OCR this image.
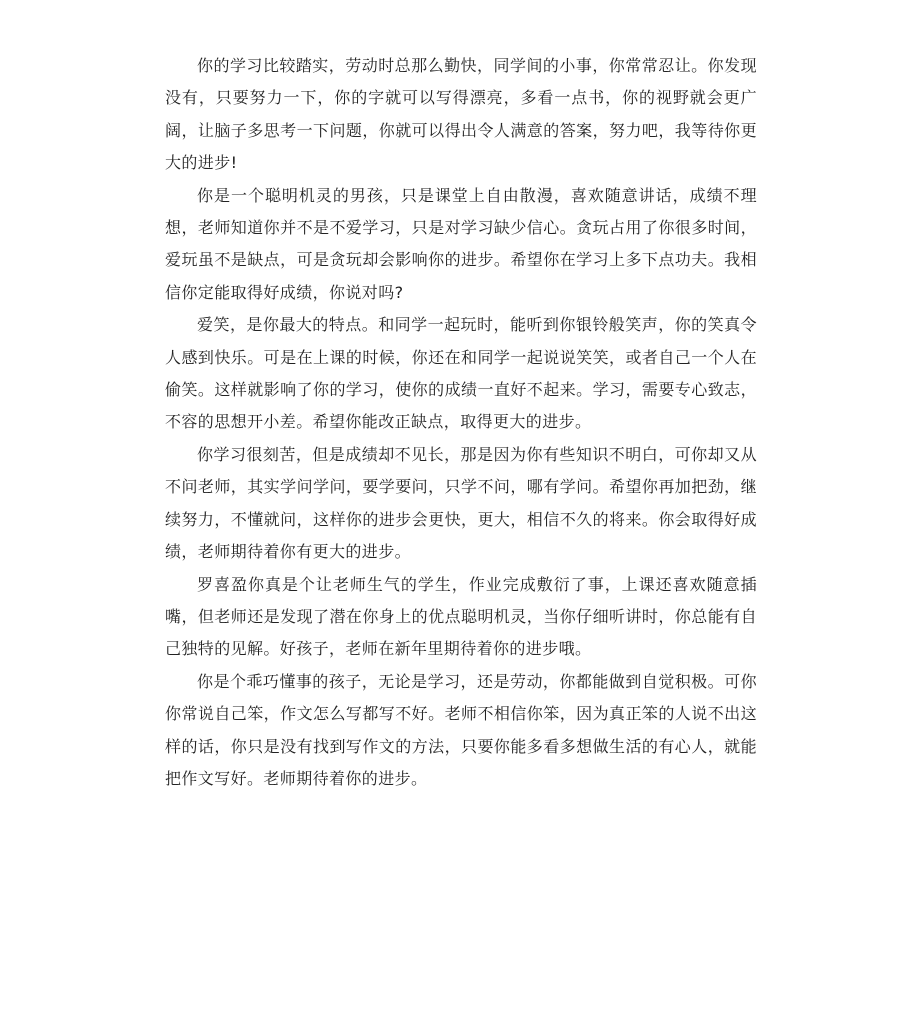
你的学习比较踏实，劳动时总那么勤快，同学间的小事，你常常忍让。你发现没有，只要努力一下，你的字就可以写得漂亮，多看一点书，你的视野就会更广阔，让脑子多思考一下问题，你就可以得出令人满意的答案，努力吧，我等待你更大的进步!

你是一个聪明机灵的男孩，只是课堂上自由散漫，喜欢随意讲话，成绩不理想，老师知道你并不是不爱学习，只是对学习缺少信心。贪玩占用了你很多时间，爱玩虽不是缺点，可是贪玩却会影响你的进步。希望你在学习上多下点功夫。我相信你定能取得好成绩，你说对吗?

爱笑，是你最大的特点。和同学一起玩时，能听到你银铃般笑声，你的笑真令人感到快乐。可是在上课的时候，你还在和同学一起说说笑笑，或者自己一个人在偷笑。这样就影响了你的学习，使你的成绩一直好不起来。学习，需要专心致志，不容的思想开小差。希望你能改正缺点，取得更大的进步。

你学习很刻苦，但是成绩却不见长，那是因为你有些知识不明白，可你却又从不问老师，其实学问学问，要学要问，只学不问，哪有学问。希望你再加把劲，继续努力，不懂就问，这样你的进步会更快，更大，相信不久的将来。你会取得好成绩，老师期待着你有更大的进步。

罗喜盈你真是个让老师生气的学生，作业完成敷衍了事，上课还喜欢随意插嘴，但老师还是发现了潜在你身上的优点聪明机灵，当你仔细听讲时，你总能有自己独特的见解。好孩子，老师在新年里期待着你的进步哦。

你是个乖巧懂事的孩子，无论是学习，还是劳动，你都能做到自觉积极。可你你常说自己笨，作文怎么写都写不好。老师不相信你笨，因为真正笨的人说不出这样的话，你只是没有找到写作文的方法，只要你能多看多想做生活的有心人，就能把作文写好。老师期待着你的进步。
